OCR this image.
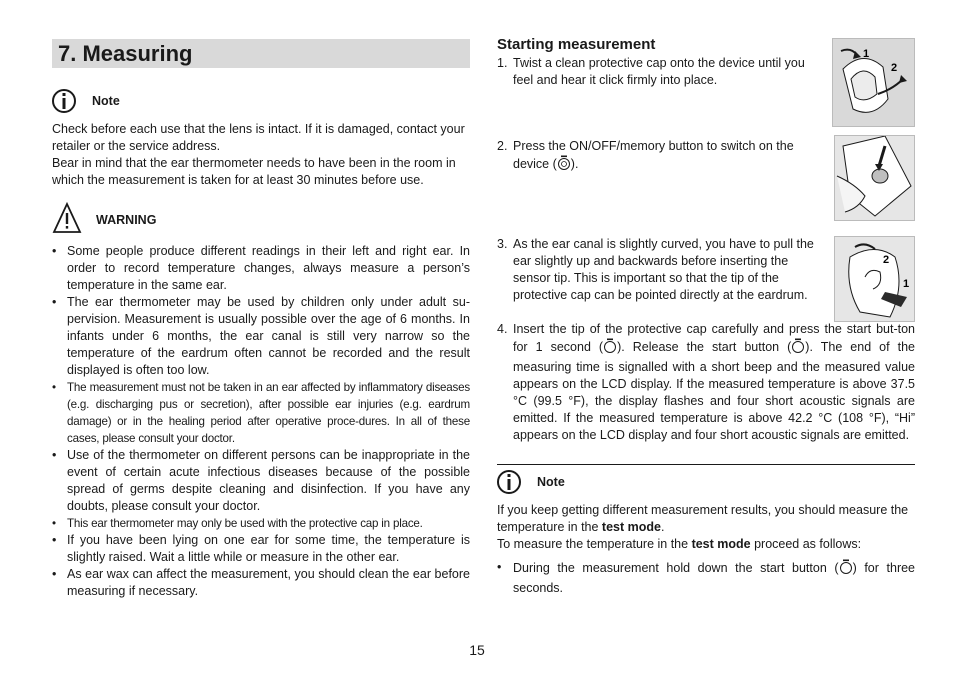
7. Measuring
Note

Check before each use that the lens is intact. If it is damaged, contact your retailer or the service address.

Bear in mind that the ear thermometer needs to have been in the room in which the measurement is taken for at least 30 minutes before use.

WARNING
• Some people produce different readings in their left and right ear. In order to record temperature changes, always measure a person’s temperature in the same ear.
• The ear thermometer may be used by children only under adult su-pervision. Measurement is usually possible over the age of 6 months. In infants under 6 months, the ear canal is still very narrow so the temperature of the eardrum often cannot be recorded and the result displayed is often too low.
• The measurement must not be taken in an ear affected by inflammatory diseases (e.g. discharging pus or secretion), after possible ear injuries (e.g. eardrum damage) or in the healing period after operative proce-dures. In all of these cases, please consult your doctor.
• Use of the thermometer on different persons can be inappropriate in the event of certain acute infectious diseases because of the possible spread of germs despite cleaning and disinfection. If you have any doubts, please consult your doctor.
• This ear thermometer may only be used with the protective cap in place.
• If you have been lying on one ear for some time, the temperature is slightly raised. Wait a little while or measure in the other ear.
• As ear wax can affect the measurement, you should clean the ear before measuring if necessary.
Starting measurement
1. Twist a clean protective cap onto the device until you feel and hear it click firmly into place.
2. Press the ON/OFF/memory button to switch on the device ( ).
3. As the ear canal is slightly curved, you have to pull the ear slightly up and backwards before inserting the sensor tip. This is important so that the tip of the protective cap can be pointed directly at the eardrum.
4. Insert the tip of the protective cap carefully and press the start but-ton for 1 second ( ). Release the start button ( ). The end of the measuring time is signalled with a short beep and the measured value appears on the LCD display. If the measured temperature is above 37.5 °C (99.5 °F), the display flashes and four short acoustic signals are emitted. If the measured temperature is above 42.2 °C (108 °F), “Hi” appears on the LCD display and four short acoustic signals are emitted.
Note

If you keep getting different measurement results, you should measure the temperature in the test mode.

To measure the temperature in the test mode proceed as follows:

• During the measurement hold down the start button ( ) for three seconds.
1
2
2
1
15
